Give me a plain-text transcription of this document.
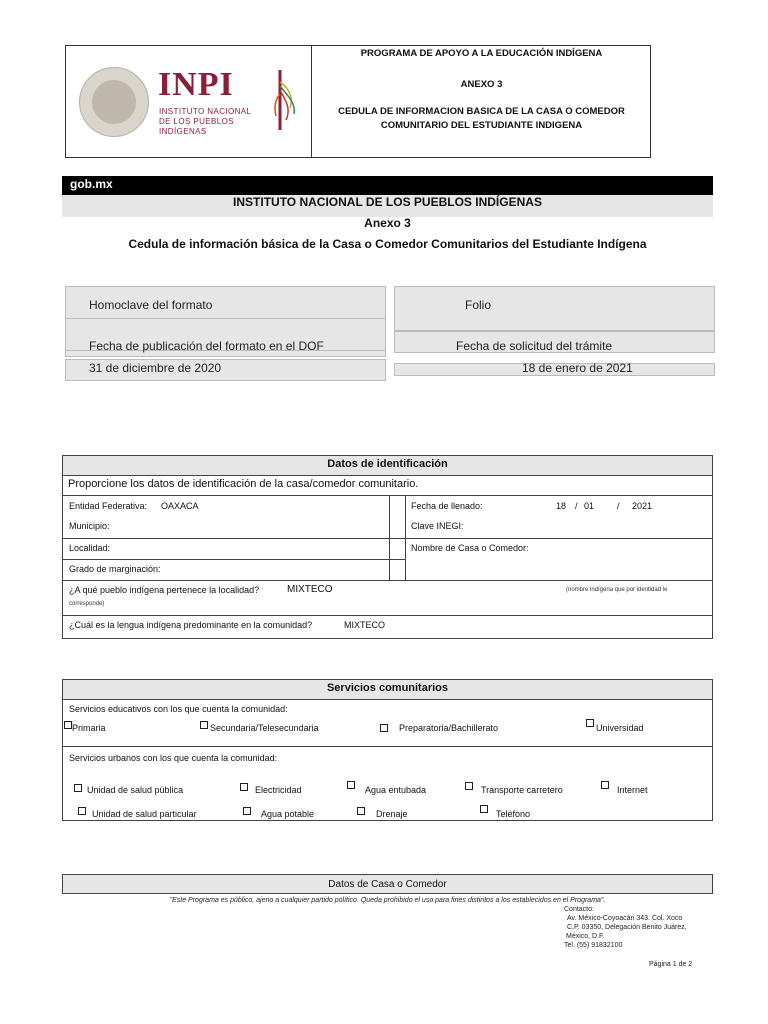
INPI
INSTITUTO NACIONAL
DE LOS PUEBLOS
INDÍGENAS
PROGRAMA DE APOYO A LA EDUCACIÓN INDÍGENA
ANEXO 3
CEDULA DE INFORMACION BASICA DE LA CASA O COMEDOR
COMUNITARIO DEL ESTUDIANTE INDIGENA
gob.mx
INSTITUTO NACIONAL DE LOS PUEBLOS INDÍGENAS
Anexo 3
Cedula de información básica de la Casa o Comedor Comunitarios del Estudiante Indígena
Homoclave del formato	Folio
Fecha de publicación del formato en el DOF	Fecha de solicitud del trámite
31 de diciembre de 2020	18 de enero de 2021
Datos de identificación
Proporcione los datos de identificación de la casa/comedor comunitario.
Entidad Federativa: OAXACA	Fecha de llenado:	18 / 01	/ 2021
Municipio:	Clave INEGI:
Localidad:	Nombre de Casa o Comedor:
Grado de marginación:
¿A qué pueblo indígena pertenece la localidad?	MIXTECO	(nombre indígena que por identidad le
corresponde)
¿Cuál es la lengua indígena predominante en la comunidad?	MIXTECO
Servicios comunitarios
Servicios educativos con los que cuenta la comunidad:
Primaria	Secundaria/Telesecundaria	Preparatoria/Bachillerato	Universidad
Servicios urbanos con los que cuenta la comunidad:
Unidad de salud pública	Electricidad	Agua entubada	Transporte carretero	Internet
Unidad de salud particular	Agua potable	Drenaje	Teléfono
Datos de Casa o Comedor
"Este Programa es público, ajeno a cualquier partido político. Queda prohibido el uso para fines distintos a los establecidos en el Programa".
Contacto:
Av. México-Coyoacán 343. Col. Xoco
C.P. 03350, Delegación Benito Juárez,
México, D.F.
Tel. (55) 91832100
Página 1 de 2
